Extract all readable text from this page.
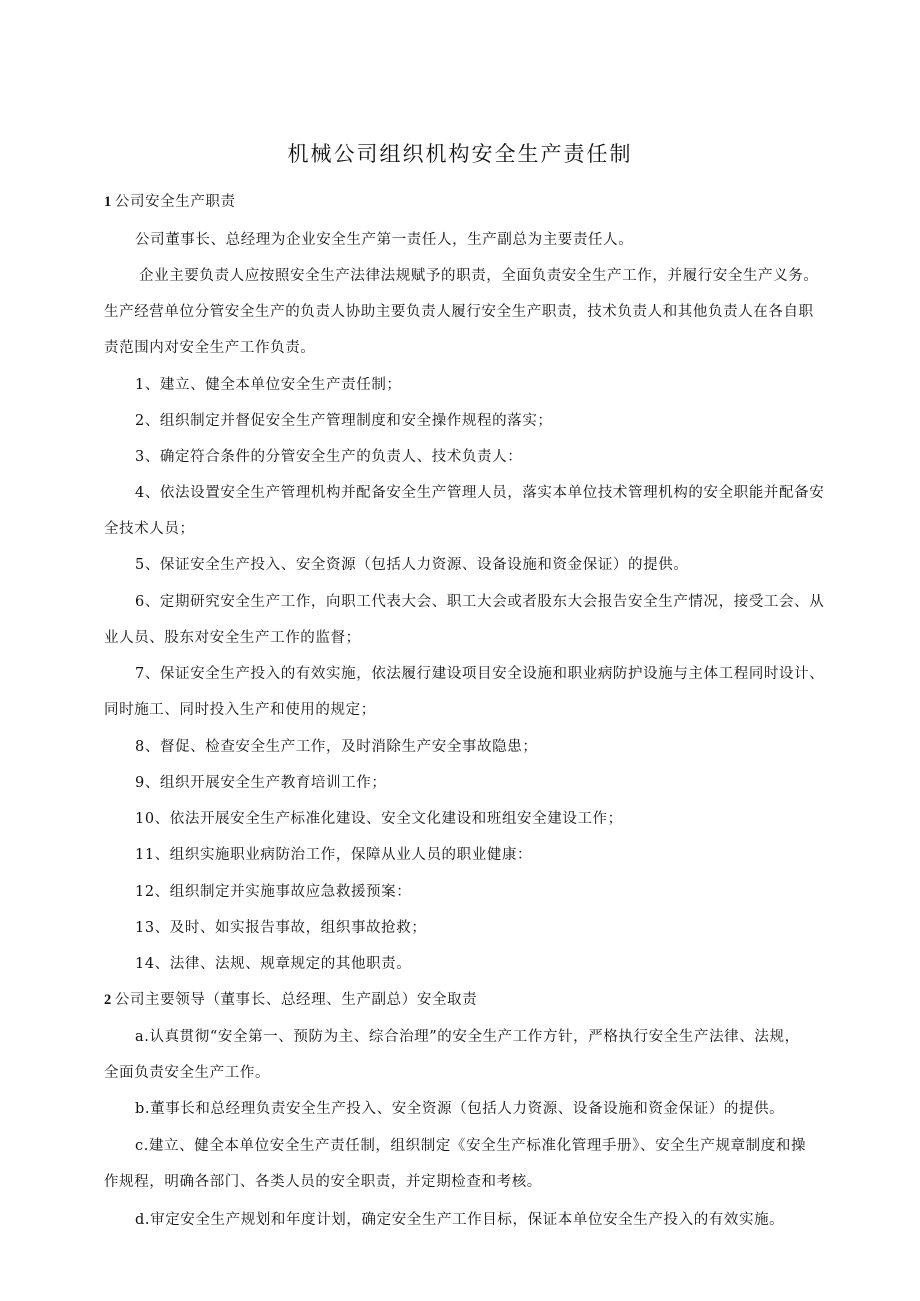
机械公司组织机构安全生产责任制
1 公司安全生产职责
公司董事长、总经理为企业安全生产第一责任人，生产副总为主要责任人。
企业主要负责人应按照安全生产法律法规赋予的职责，全面负责安全生产工作，并履行安全生产义务。
生产经营单位分管安全生产的负责人协助主要负责人履行安全生产职责，技术负责人和其他负责人在各自职
责范围内对安全生产工作负责。
1、建立、健全本单位安全生产责任制；
2、组织制定并督促安全生产管理制度和安全操作规程的落实；
3、确定符合条件的分管安全生产的负责人、技术负责人：
4、依法设置安全生产管理机构并配备安全生产管理人员，落实本单位技术管理机构的安全职能并配备安
全技术人员；
5、保证安全生产投入、安全资源（包括人力资源、设备设施和资金保证）的提供。
6、定期研究安全生产工作，向职工代表大会、职工大会或者股东大会报告安全生产情况，接受工会、从
业人员、股东对安全生产工作的监督；
7、保证安全生产投入的有效实施，依法履行建设项目安全设施和职业病防护设施与主体工程同时设计、
同时施工、同时投入生产和使用的规定；
8、督促、检查安全生产工作，及时消除生产安全事故隐患；
9、组织开展安全生产教育培训工作；
10、依法开展安全生产标准化建设、安全文化建设和班组安全建设工作；
11、组织实施职业病防治工作，保障从业人员的职业健康：
12、组织制定并实施事故应急救援预案：
13、及时、如实报告事故，组织事故抢救；
14、法律、法规、规章规定的其他职责。
2 公司主要领导（董事长、总经理、生产副总）安全取责
a.认真贯彻“安全第一、预防为主、综合治理”的安全生产工作方针，严格执行安全生产法律、法规，
全面负责安全生产工作。
b.董事长和总经理负责安全生产投入、安全资源（包括人力资源、设备设施和资金保证）的提供。
c.建立、健全本单位安全生产责任制，组织制定《安全生产标准化管理手册》、安全生产规章制度和操
作规程，明确各部门、各类人员的安全职责，并定期检查和考核。
d.审定安全生产规划和年度计划，确定安全生产工作目标，保证本单位安全生产投入的有效实施。
